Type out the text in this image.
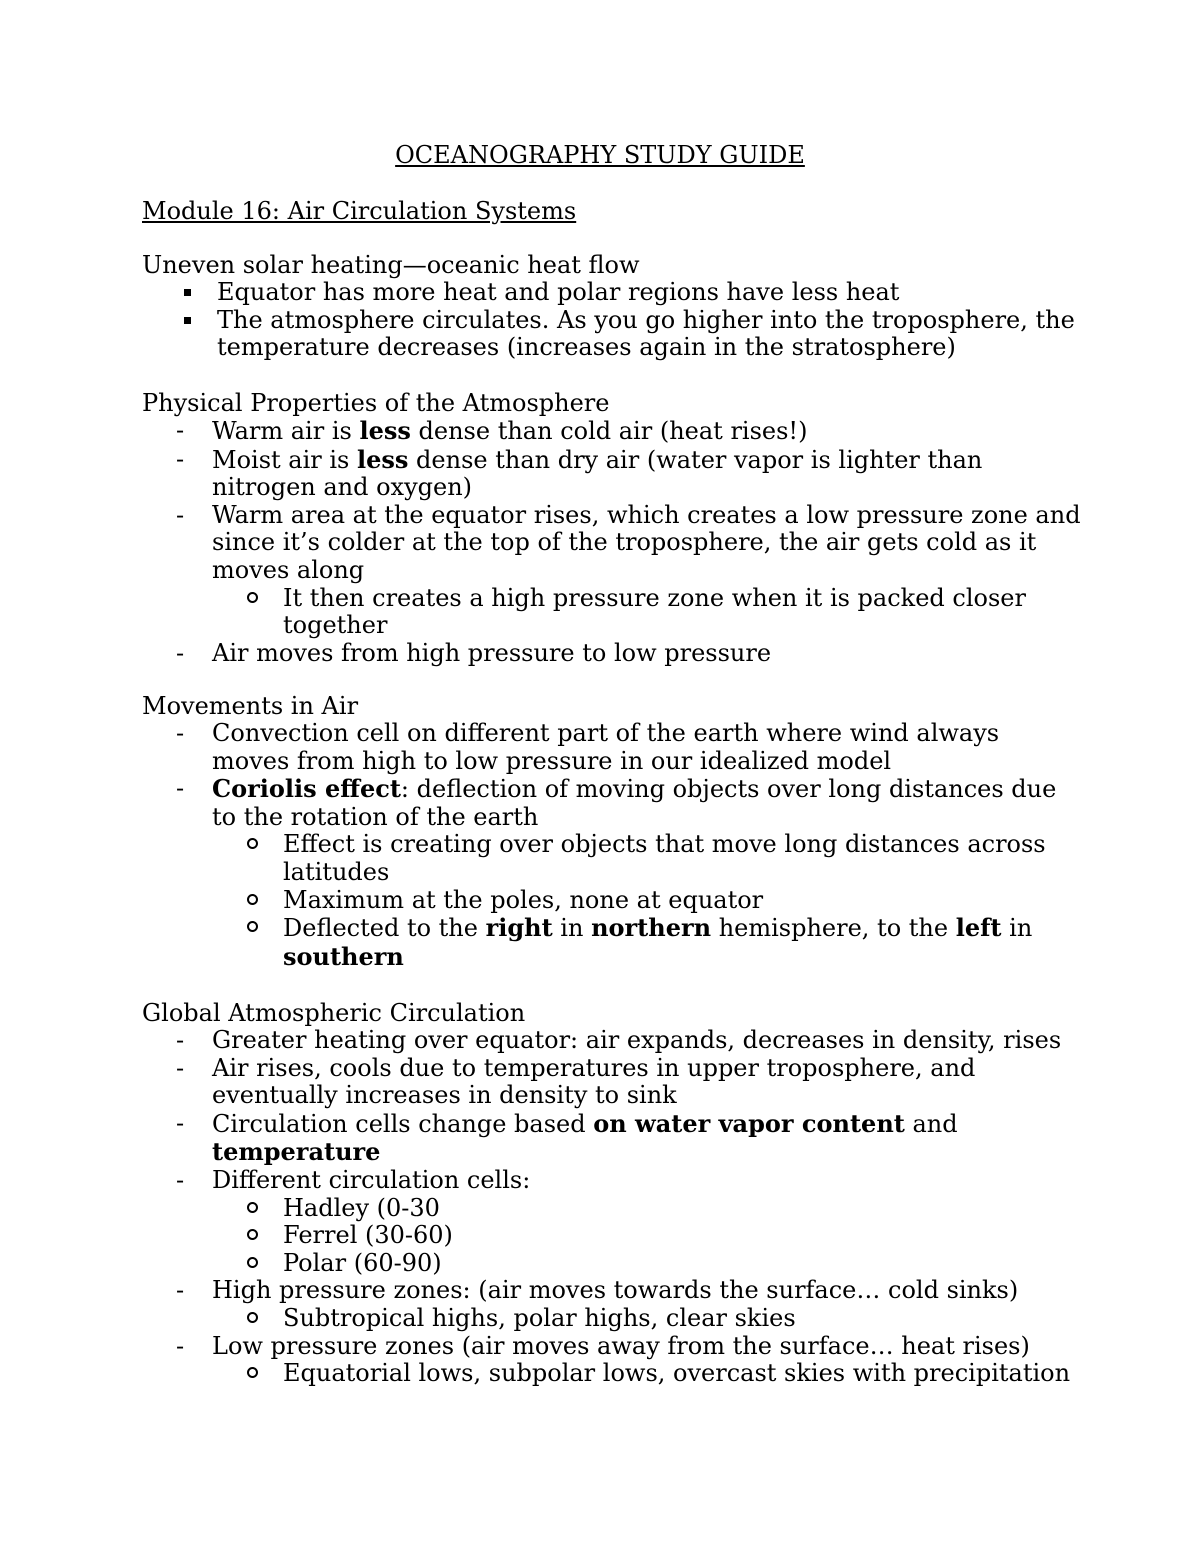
OCEANOGRAPHY STUDY GUIDE
Module 16: Air Circulation Systems
Uneven solar heating—oceanic heat flow
Equator has more heat and polar regions have less heat
The atmosphere circulates. As you go higher into the troposphere, the temperature decreases (increases again in the stratosphere)
Physical Properties of the Atmosphere
- Warm air is less dense than cold air (heat rises!)
- Moist air is less dense than dry air (water vapor is lighter than nitrogen and oxygen)
- Warm area at the equator rises, which creates a low pressure zone and since it’s colder at the top of the troposphere, the air gets cold as it moves along
It then creates a high pressure zone when it is packed closer together
- Air moves from high pressure to low pressure
Movements in Air
- Convection cell on different part of the earth where wind always moves from high to low pressure in our idealized model
- Coriolis effect: deflection of moving objects over long distances due to the rotation of the earth
Effect is creating over objects that move long distances across latitudes
Maximum at the poles, none at equator
Deflected to the right in northern hemisphere, to the left in southern
Global Atmospheric Circulation
- Greater heating over equator: air expands, decreases in density, rises
- Air rises, cools due to temperatures in upper troposphere, and eventually increases in density to sink
- Circulation cells change based on water vapor content and temperature
- Different circulation cells:
Hadley (0-30
Ferrel (30-60)
Polar (60-90)
- High pressure zones: (air moves towards the surface… cold sinks)
Subtropical highs, polar highs, clear skies
- Low pressure zones (air moves away from the surface… heat rises)
Equatorial lows, subpolar lows, overcast skies with precipitation
